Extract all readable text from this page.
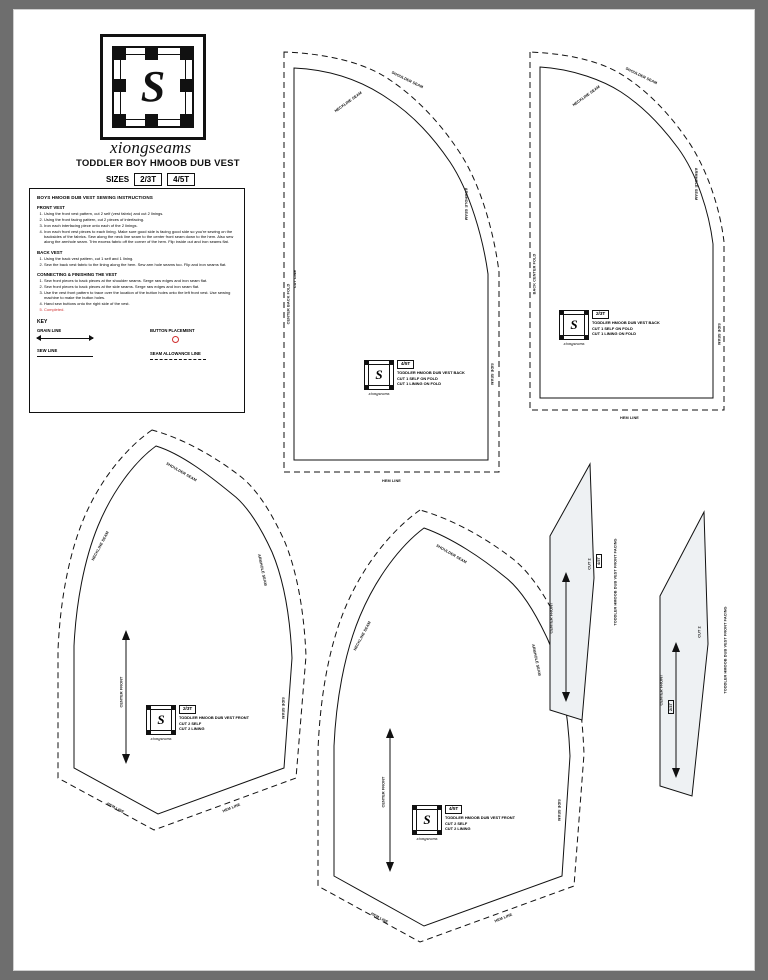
S
xiongseams
TODDLER BOY HMOOB DUB VEST
SIZES	2/3T	4/5T
BOYS HMOOB DUB VEST SEWING INSTRUCTIONS
FRONT VEST
1. Using the front vest pattern, cut 2 self (vest fabric) and cut 2 linings.
2. Using the front facing pattern, cut 2 pieces of interfacing.
3. Iron each interfacing piece onto each of the 2 linings.
4. Iron each front vest pieces to each lining. Make sure good side is facing good side so you're sewing on the backsides of the fabrics. Sew along the neck line seam to the center front seam down to the hem. Also sew along the armhole seam. Trim excess fabric off the corner of the hem. Flip inside out and iron seams flat.
BACK VEST
1. Using the back vest pattern, cut 1 self and 1 lining.
2. Sew the back vest fabric to the lining along the hem. Sew arm hole seams too. Flip and iron seams flat.
CONNECTING & FINISHING THE VEST
1. Sew front pieces to back pieces at the shoulder seams. Serge raw edges and iron seam flat.
2. Sew front pieces to back pieces at the side seams. Serge raw edges and iron seam flat.
3. Use the vest front pattern to trace over the location of the button holes onto the left front vest. Use sewing machine to make the button holes.
4. Hand sew buttons onto the right side of the vest.
5. Completed.
KEY
GRAIN LINE
SEW LINE
BUTTON PLACEMENT
SEAM ALLOWANCE LINE
NECKLINE SEAM
SHOULDER SEAM
ARMHOLE SEAM
SIDE SEAM
CENTER BACK FOLD
HEM LINE
CUT LINE
S
xiongseams
4/5T
TODDLER HMOOB DUB VEST BACK
CUT 1 SELF ON FOLD
CUT 1 LINING ON FOLD
NECKLINE SEAM
SHOULDER SEAM
ARMHOLE SEAM
SIDE SEAM
BACK CENTER FOLD
HEM LINE
S
xiongseams
2/3T
TODDLER HMOOB DUB VEST BACK
CUT 1 SELF ON FOLD
CUT 1 LINING ON FOLD
NECKLINE SEAM
SHOULDER SEAM
ARMHOLE SEAM
SIDE SEAM
CENTER FRONT
HEM LINE	HEM LINE
S
xiongseams
2/3T
TODDLER HMOOB DUB VEST FRONT
CUT 2 SELF
CUT 2 LINING
NECKLINE SEAM
SHOULDER SEAM
ARMHOLE SEAM
SIDE SEAM
CENTER FRONT
HEM LINE	HEM LINE
S
xiongseams
4/5T
TODDLER HMOOB DUB VEST FRONT
CUT 2 SELF
CUT 2 LINING
CENTER FRONT	TODDLER HMOOB DUB VEST FRONT FACING
CUT 2 4/5T
CENTER FRONT	TODDLER HMOOB DUB VEST FRONT FACING
CUT 2
2/3T
